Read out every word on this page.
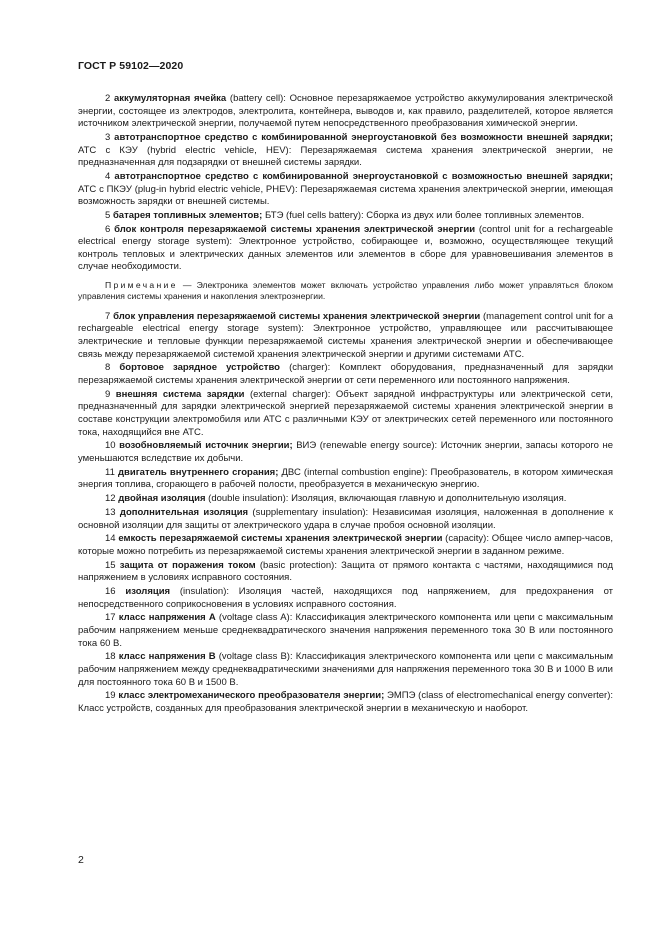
ГОСТ Р 59102—2020

2 аккумуляторная ячейка (battery cell): Основное перезаряжаемое устройство аккумулирования электрической энергии, состоящее из электродов, электролита, контейнера, выводов и, как правило, разделителей, которое является источником электрической энергии, получаемой путем непосредственного преобразования химической энергии.

3 автотранспортное средство с комбинированной энергоустановкой без возможности внешней зарядки; АТС с КЭУ (hybrid electric vehicle, HEV): Перезаряжаемая система хранения электрической энергии, не предназначенная для подзарядки от внешней системы зарядки.

4 автотранспортное средство с комбинированной энергоустановкой с возможностью внешней зарядки; АТС с ПКЭУ (plug-in hybrid electric vehicle, PHEV): Перезаряжаемая система хранения электрической энергии, имеющая возможность зарядки от внешней системы.

5 батарея топливных элементов; БТЭ (fuel cells battery): Сборка из двух или более топливных элементов.

6 блок контроля перезаряжаемой системы хранения электрической энергии (control unit for a rechargeable electrical energy storage system): Электронное устройство, собирающее и, возможно, осуществляющее текущий контроль тепловых и электрических данных элементов или элементов в сборе для уравновешивания элементов в случае необходимости.

Примечание — Электроника элементов может включать устройство управления либо может управляться блоком управления системы хранения и накопления электроэнергии.

7 блок управления перезаряжаемой системы хранения электрической энергии (management control unit for a rechargeable electrical energy storage system): Электронное устройство, управляющее или рассчитывающее электрические и тепловые функции перезаряжаемой системы хранения электрической энергии и обеспечивающее связь между перезаряжаемой системой хранения электрической энергии и другими системами АТС.

8 бортовое зарядное устройство (charger): Комплект оборудования, предназначенный для зарядки перезаряжаемой системы хранения электрической энергии от сети переменного или постоянного напряжения.

9 внешняя система зарядки (external charger): Объект зарядной инфраструктуры или электрической сети, предназначенный для зарядки электрической энергией перезаряжаемой системы хранения электрической энергии в составе конструкции электромобиля или АТС с различными КЭУ от электрических сетей переменного или постоянного тока, находящийся вне АТС.

10 возобновляемый источник энергии; ВИЭ (renewable energy source): Источник энергии, запасы которого не уменьшаются вследствие их добычи.

11 двигатель внутреннего сгорания; ДВС (internal combustion engine): Преобразователь, в котором химическая энергия топлива, сгорающего в рабочей полости, преобразуется в механическую энергию.

12 двойная изоляция (double insulation): Изоляция, включающая главную и дополнительную изоляция.

13 дополнительная изоляция (supplementary insulation): Независимая изоляция, наложенная в дополнение к основной изоляции для защиты от электрического удара в случае пробоя основной изоляции.

14 емкость перезаряжаемой системы хранения электрической энергии (capacity): Общее число ампер-часов, которые можно потребить из перезаряжаемой системы хранения электрической энергии в заданном режиме.

15 защита от поражения током (basic protection): Защита от прямого контакта с частями, находящимися под напряжением в условиях исправного состояния.

16 изоляция (insulation): Изоляция частей, находящихся под напряжением, для предохранения от непосредственного соприкосновения в условиях исправного состояния.

17 класс напряжения А (voltage class A): Классификация электрического компонента или цепи с максимальным рабочим напряжением меньше среднеквадратического значения напряжения переменного тока 30 В или постоянного тока 60 В.

18 класс напряжения В (voltage class B): Классификация электрического компонента или цепи с максимальным рабочим напряжением между среднеквадратическими значениями для напряжения переменного тока 30 В и 1000 В или для постоянного тока 60 В и 1500 В.

19 класс электромеханического преобразователя энергии; ЭМПЭ (class of electromechanical energy converter): Класс устройств, созданных для преобразования электрической энергии в механическую и наоборот.

2
